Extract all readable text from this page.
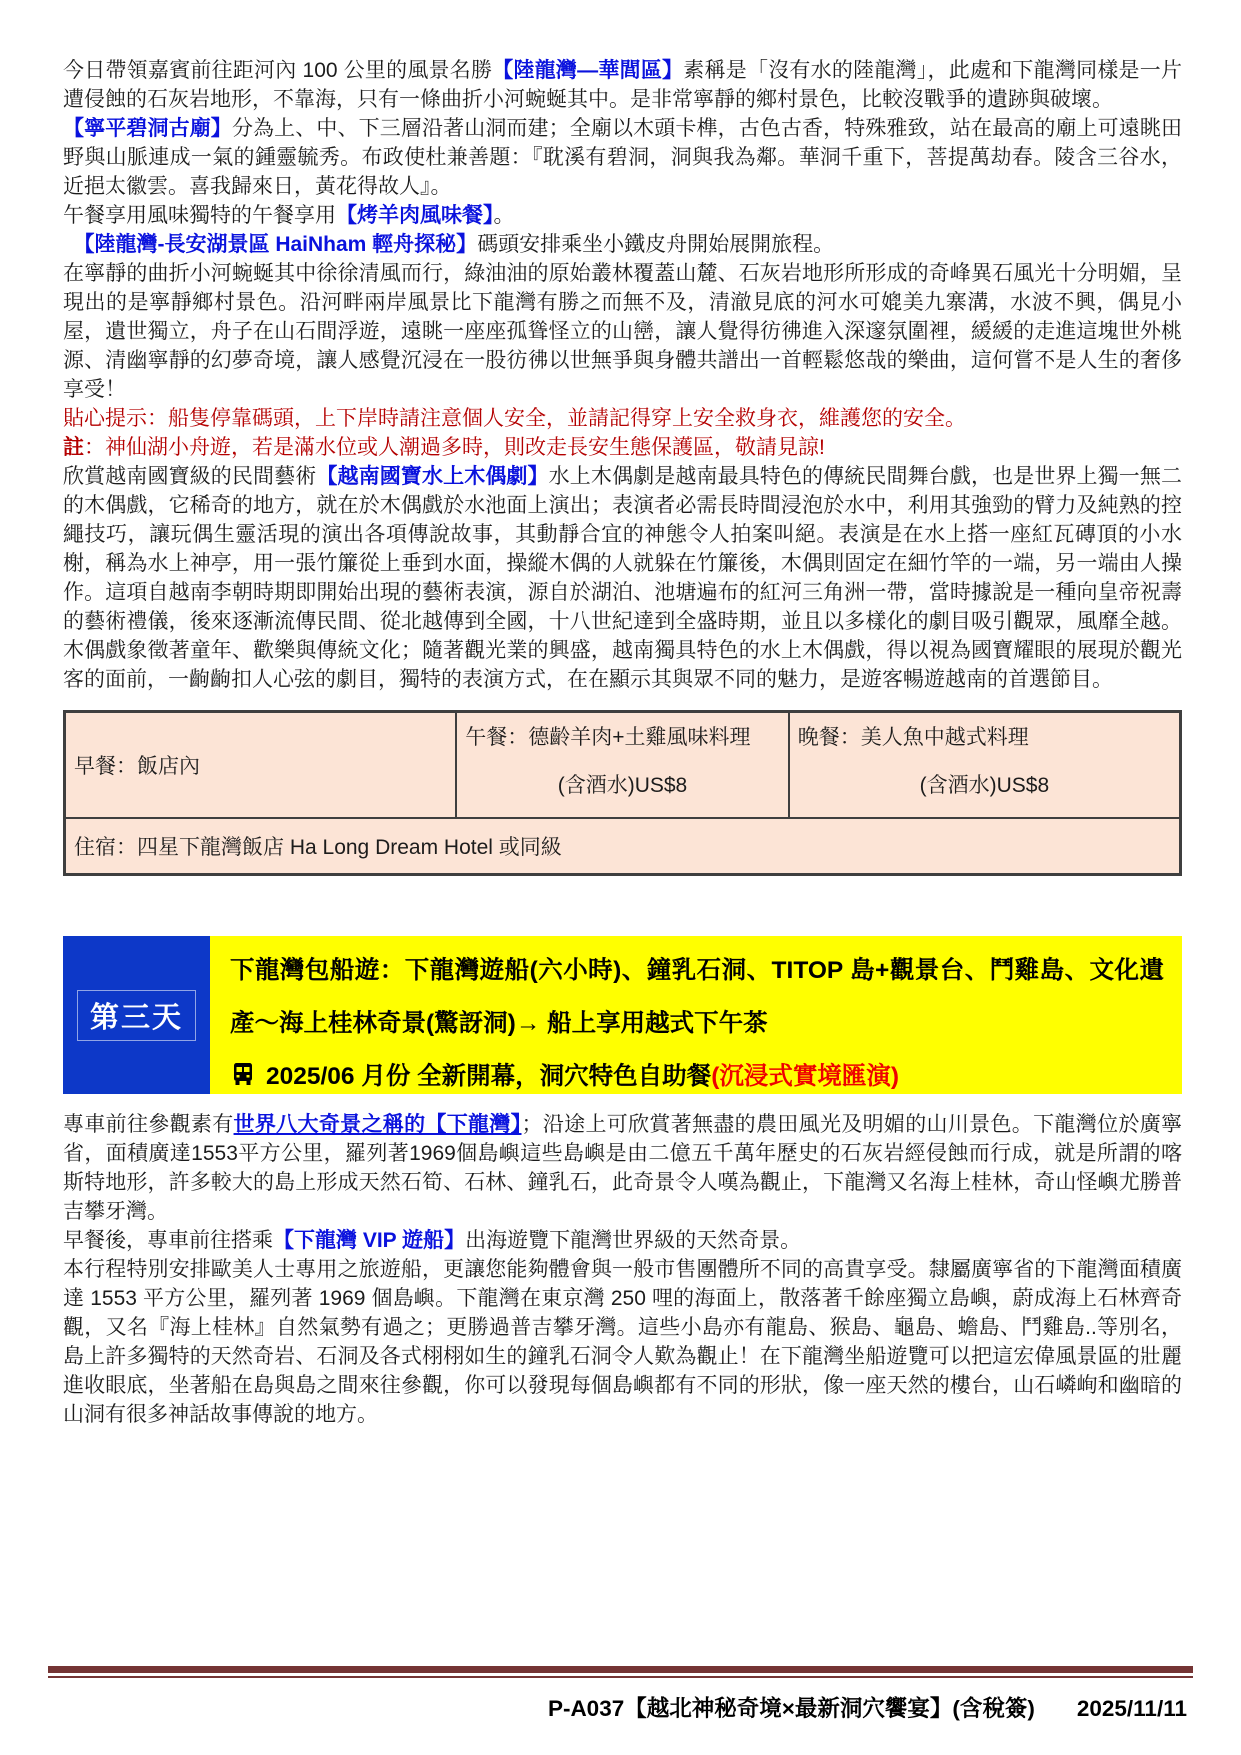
今日帶領嘉賓前往距河內 100 公里的風景名勝【陸龍灣—華閭區】素稱是「沒有水的陸龍灣」，此處和下龍灣同樣是一片遭侵蝕的石灰岩地形，不靠海，只有一條曲折小河蜿蜒其中。是非常寧靜的鄉村景色，比較沒戰爭的遺跡與破壞。

【寧平碧洞古廟】分為上、中、下三層沿著山洞而建；全廟以木頭卡榫，古色古香，特殊雅致，站在最高的廟上可遠眺田野與山脈連成一氣的鍾靈毓秀。布政使杜兼善題：『耽溪有碧洞，洞與我為鄰。華洞千重下，菩提萬劫春。陵含三谷水，近挹太徽雲。喜我歸來日，黃花得故人』。

午餐享用風味獨特的午餐享用【烤羊肉風味餐】。

　【陸龍灣-長安湖景區 HaiNham 輕舟探秘】碼頭安排乘坐小鐵皮舟開始展開旅程。

在寧靜的曲折小河蜿蜒其中徐徐清風而行，綠油油的原始叢林覆蓋山麓、石灰岩地形所形成的奇峰異石風光十分明媚，呈現出的是寧靜鄉村景色。沿河畔兩岸風景比下龍灣有勝之而無不及，清澈見底的河水可媲美九寨溝，水波不興，偶見小屋，遺世獨立，舟子在山石間浮遊，遠眺一座座孤聳怪立的山巒，讓人覺得彷彿進入深邃氛圍裡，緩緩的走進這塊世外桃源、清幽寧靜的幻夢奇境，讓人感覺沉浸在一股彷彿以世無爭與身體共譜出一首輕鬆悠哉的樂曲，這何嘗不是人生的奢侈享受！

貼心提示：船隻停靠碼頭，上下岸時請注意個人安全，並請記得穿上安全救身衣，維護您的安全。

註：神仙湖小舟遊，若是滿水位或人潮過多時，則改走長安生態保護區，敬請見諒!

欣賞越南國寶級的民間藝術【越南國寶水上木偶劇】水上木偶劇是越南最具特色的傳統民間舞台戲，也是世界上獨一無二的木偶戲，它稀奇的地方，就在於木偶戲於水池面上演出；表演者必需長時間浸泡於水中，利用其強勁的臂力及純熟的控繩技巧，讓玩偶生靈活現的演出各項傳說故事，其動靜合宜的神態令人拍案叫絕。表演是在水上搭一座紅瓦磚頂的小水榭，稱為水上神亭，用一張竹簾從上垂到水面，操縱木偶的人就躲在竹簾後，木偶則固定在細竹竿的一端，另一端由人操作。這項自越南李朝時期即開始出現的藝術表演，源自於湖泊、池塘遍布的紅河三角洲一帶，當時據說是一種向皇帝祝壽的藝術禮儀，後來逐漸流傳民間、從北越傳到全國，十八世紀達到全盛時期，並且以多樣化的劇目吸引觀眾，風靡全越。木偶戲象徵著童年、歡樂與傳統文化；隨著觀光業的興盛，越南獨具特色的水上木偶戲，得以視為國寶耀眼的展現於觀光客的面前，一齣齣扣人心弦的劇目，獨特的表演方式，在在顯示其與眾不同的魅力，是遊客暢遊越南的首選節目。

早餐：飯店內	
午餐：德齡羊肉+土雞風味料理
(含酒水)US$8

晚餐：美人魚中越式料理
(含酒水)US$8

住宿：四星下龍灣飯店 Ha Long Dream Hotel 或同級
第三天
下龍灣包船遊：下龍灣遊船(六小時)、鐘乳石洞、TITOP 島+觀景台、鬥雞島、文化遺產～海上桂林奇景(驚訝洞)→ 船上享用越式下午茶
2025/06 月份 全新開幕，洞穴特色自助餐(沉浸式實境匯演)

專車前往參觀素有世界八大奇景之稱的【下龍灣】；沿途上可欣賞著無盡的農田風光及明媚的山川景色。下龍灣位於廣寧省，面積廣達1553平方公里，羅列著1969個島嶼這些島嶼是由二億五千萬年歷史的石灰岩經侵蝕而行成，就是所謂的喀斯特地形，許多較大的島上形成天然石筍、石林、鐘乳石，此奇景令人嘆為觀止，下龍灣又名海上桂林，奇山怪嶼尤勝普吉攀牙灣。

早餐後，專車前往搭乘【下龍灣 VIP 遊船】出海遊覽下龍灣世界級的天然奇景。

本行程特別安排歐美人士專用之旅遊船，更讓您能夠體會與一般市售團體所不同的高貴享受。隸屬廣寧省的下龍灣面積廣達 1553 平方公里，羅列著 1969 個島嶼。下龍灣在東京灣 250 哩的海面上，散落著千餘座獨立島嶼，蔚成海上石林齊奇觀，又名『海上桂林』自然氣勢有過之；更勝過普吉攀牙灣。這些小島亦有龍島、猴島、龜島、蟾島、鬥雞島..等別名，島上許多獨特的天然奇岩、石洞及各式栩栩如生的鐘乳石洞令人歎為觀止！在下龍灣坐船遊覽可以把這宏偉風景區的壯麗進收眼底，坐著船在島與島之間來往參觀，你可以發現每個島嶼都有不同的形狀，像一座天然的樓台，山石嶙峋和幽暗的山洞有很多神話故事傳說的地方。

P-A037【越北神秘奇境×最新洞穴饗宴】(含稅簽) 2025/11/11
